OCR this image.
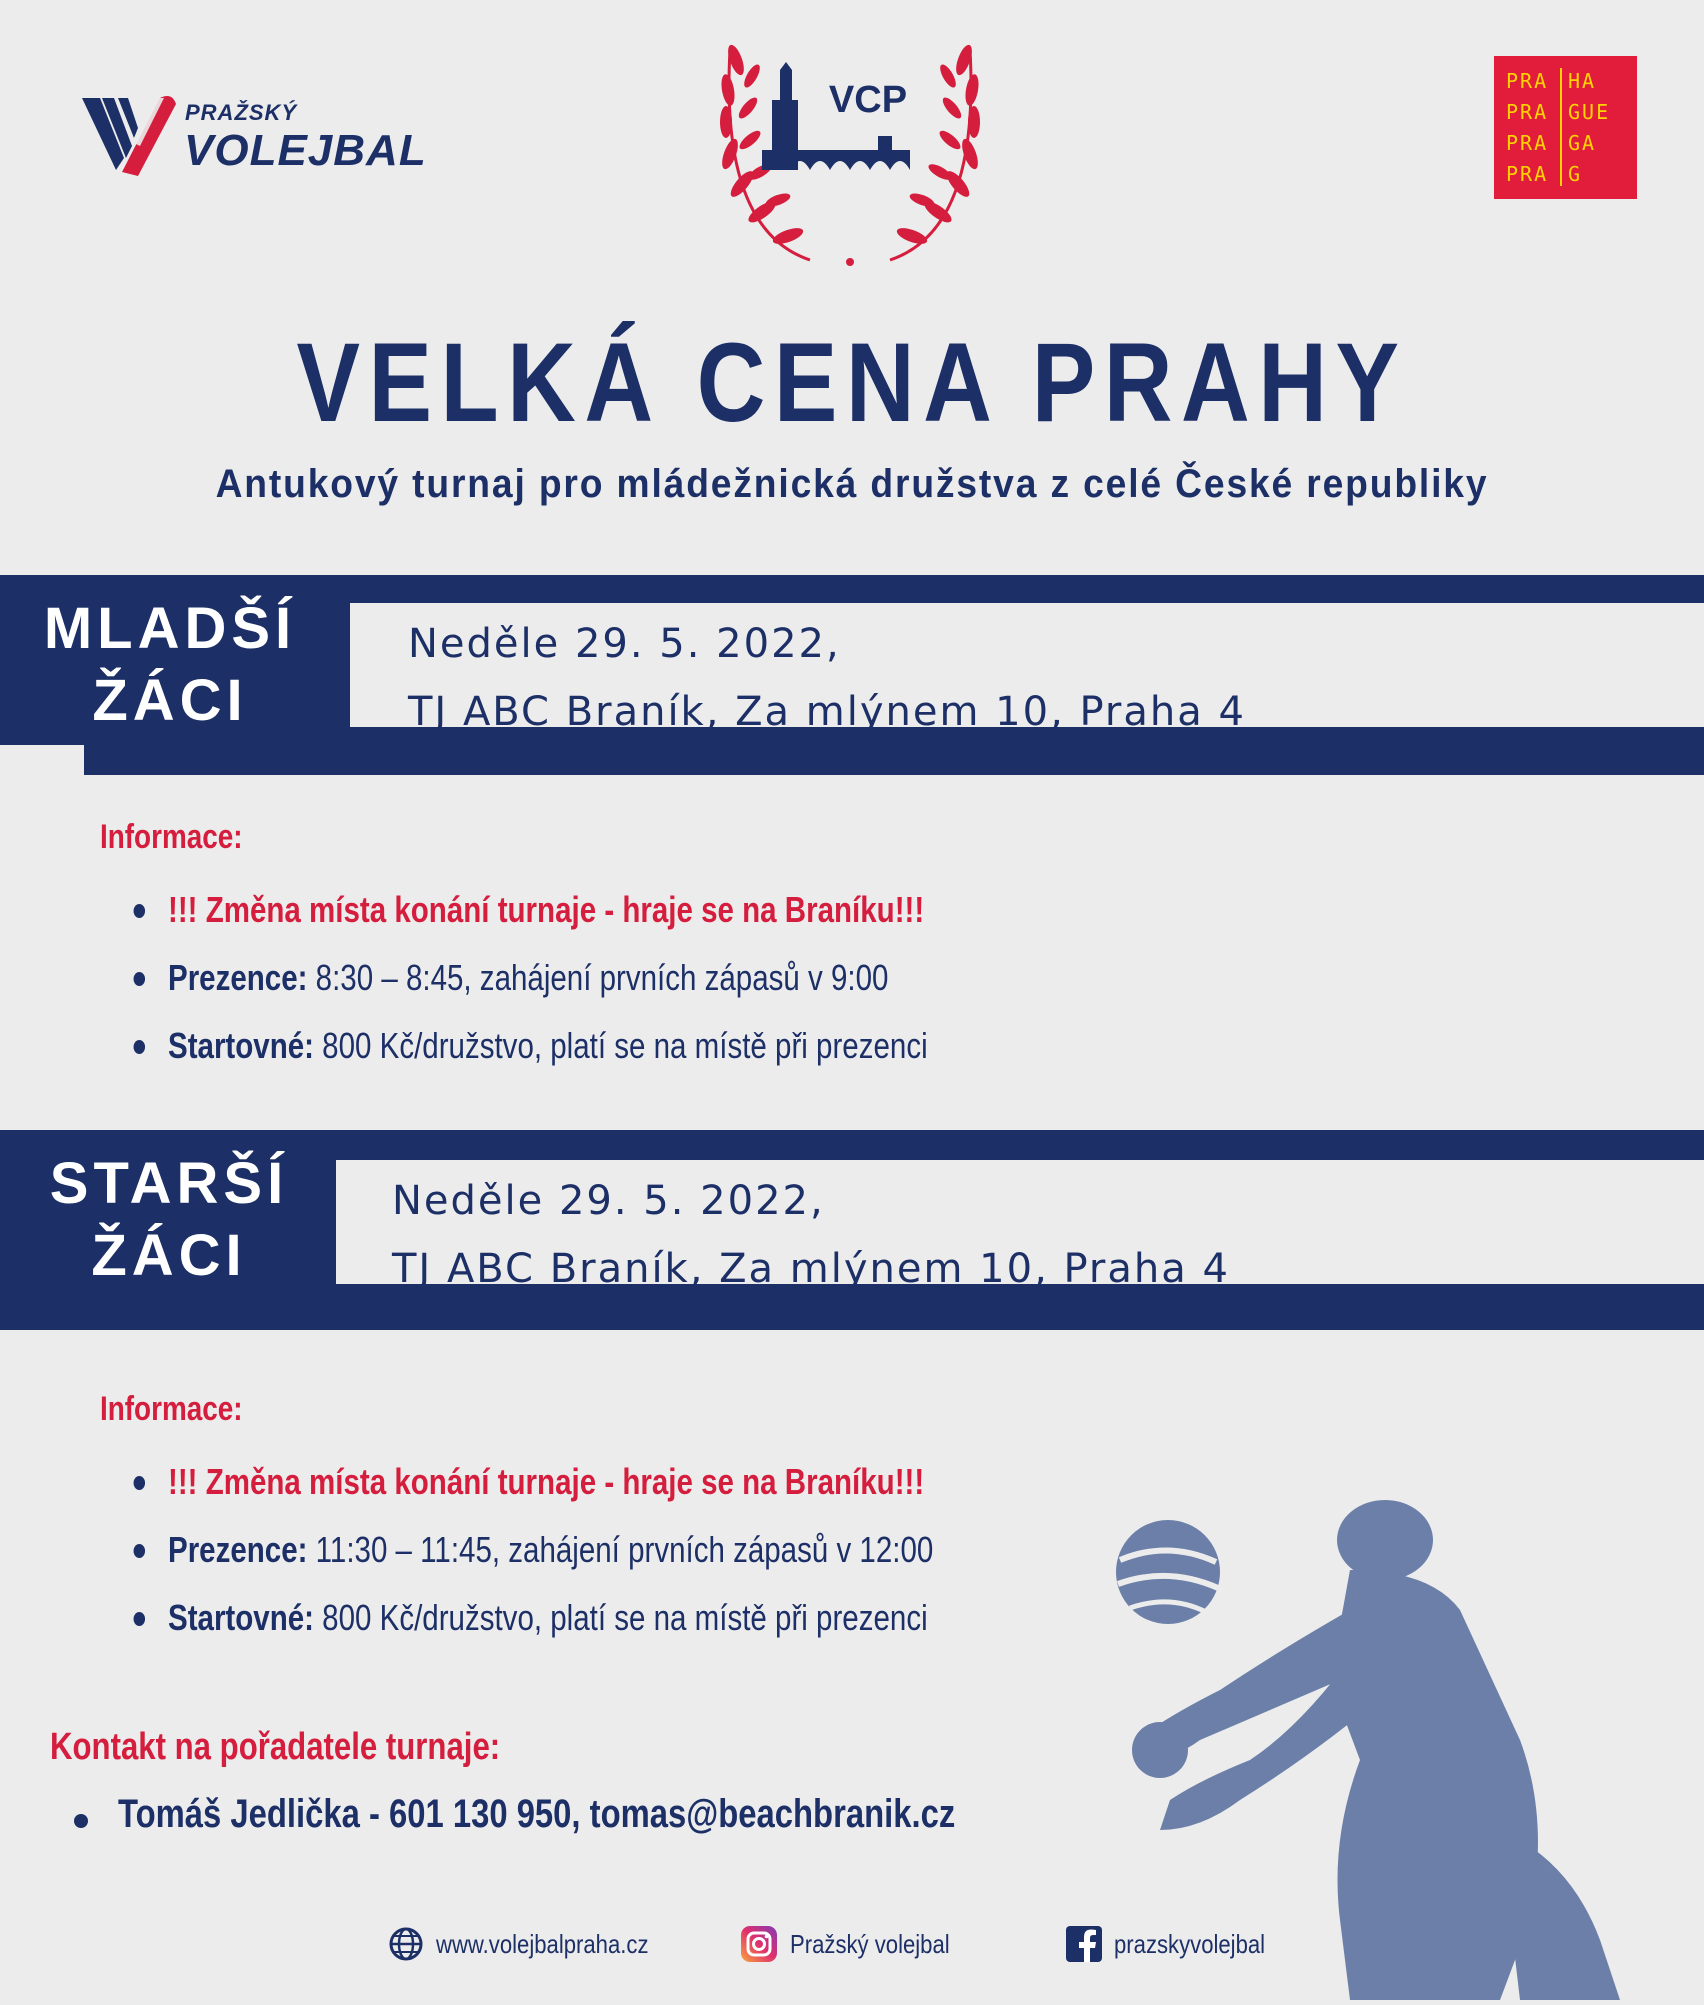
PRAŽSKÝ
VOLEJBAL
VCP	PRA
PRA
PRA
PRA
HA
GUE
GA
G
VELKÁ CENA PRAHY
Antukový turnaj pro mládežnická družstva z celé České republiky
MLADŠÍ
ŽÁCI
Neděle 29. 5. 2022,
TJ ABC Braník, Za mlýnem 10, Praha 4
Informace:
!!! Změna místa konání turnaje - hraje se na Braníku!!!
Prezence: 8:30 – 8:45, zahájení prvních zápasů v 9:00
Startovné: 800 Kč/družstvo, platí se na místě při prezenci
STARŠÍ
ŽÁCI
Neděle 29. 5. 2022,
TJ ABC Braník, Za mlýnem 10, Praha 4
Informace:
!!! Změna místa konání turnaje - hraje se na Braníku!!!
Prezence: 11:30 – 11:45, zahájení prvních zápasů v 12:00
Startovné: 800 Kč/družstvo, platí se na místě při prezenci
Kontakt na pořadatele turnaje:
Tomáš Jedlička - 601 130 950, tomas@beachbranik.cz
www.volejbalpraha.cz	Pražský volejbal	prazskyvolejbal
